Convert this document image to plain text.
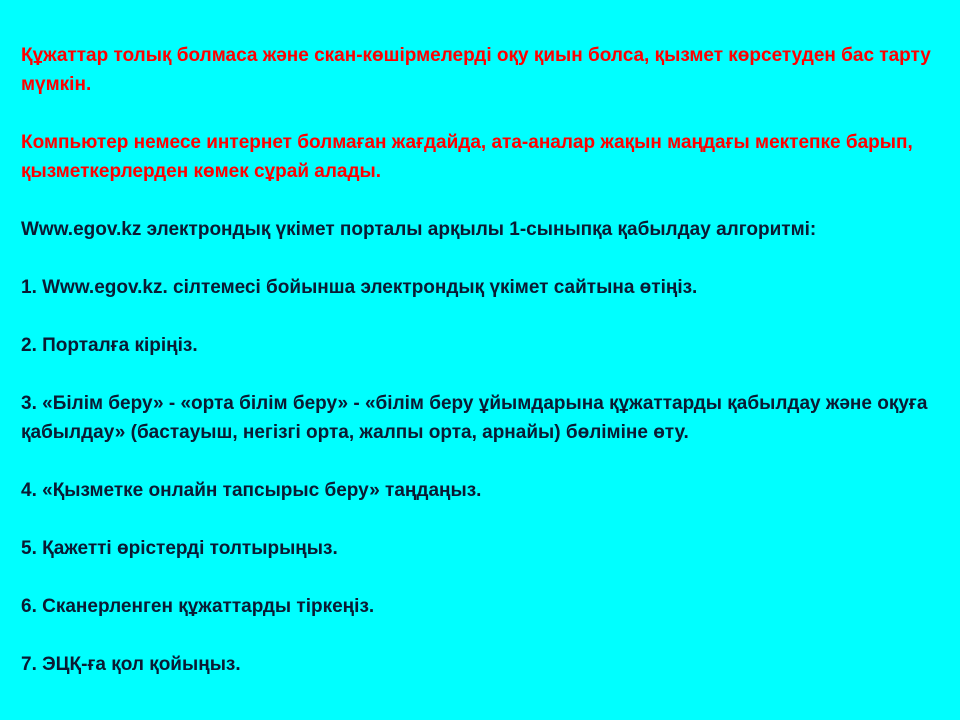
Құжаттар толық болмаса және скан-көшірмелерді оқу қиын болса, қызмет көрсетуден бас тарту мүмкін.

Компьютер немесе интернет болмаған жағдайда, ата-аналар жақын маңдағы мектепке барып, қызметкерлерден көмек сұрай алады.

Www.egov.kz электрондық үкімет порталы арқылы 1-сыныпқа қабылдау алгоритмі:

1. Www.egov.kz. сілтемесі бойынша электрондық үкімет сайтына өтіңіз.

2. Порталға кіріңіз.

3. «Білім беру» - «орта білім беру» - «білім беру ұйымдарына құжаттарды қабылдау және оқуға қабылдау» (бастауыш, негізгі орта, жалпы орта, арнайы) бөліміне өту.

4. «Қызметке онлайн тапсырыс беру» таңдаңыз.

5. Қажетті өрістерді толтырыңыз.

6. Сканерленген құжаттарды тіркеңіз.

7. ЭЦҚ-ға қол қойыңыз.
